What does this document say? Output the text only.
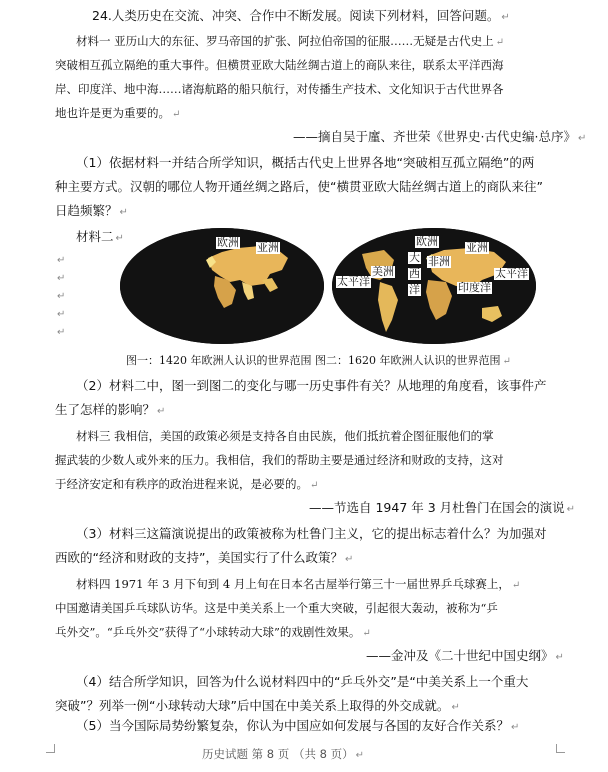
24.人类历史在交流、冲突、合作中不断发展。阅读下列材料，回答问题。 ↵
材料一 亚历山大的东征、罗马帝国的扩张、阿拉伯帝国的征服……无疑是古代史上 ↵
突破相互孤立隔绝的重大事件。但横贯亚欧大陆丝绸古道上的商队来往，联系太平洋西海
岸、印度洋、地中海……诸海航路的船只航行，对传播生产技术、文化知识于古代世界各
地也许是更为重要的。 ↵
——摘自吴于廑、齐世荣《世界史·古代史编·总序》 ↵
（1）依据材料一并结合所学知识，概括古代史上世界各地“突破相互孤立隔绝”的两
种主要方式。汉朝的哪位人物开通丝绸之路后，使“横贯亚欧大陆丝绸古道上的商队来往”
日趋频繁？ ↵
材料二 ↵
↵
↵
↵
↵
↵
欧洲 亚洲	欧洲	亚洲
美洲
大
西
洋
非洲
太平洋
太平洋
印度洋
图一：1420 年欧洲人认识的世界范围 图二：1620 年欧洲人认识的世界范围 ↵
（2）材料二中，图一到图二的变化与哪一历史事件有关？从地理的角度看，该事件产
生了怎样的影响？ ↵
材料三 我相信，美国的政策必须是支持各自由民族，他们抵抗着企图征服他们的掌
握武装的少数人或外来的压力。我相信，我们的帮助主要是通过经济和财政的支持，这对
于经济安定和有秩序的政治进程来说，是必要的。 ↵
——节选自 1947 年 3 月杜鲁门在国会的演说 ↵
（3）材料三这篇演说提出的政策被称为杜鲁门主义，它的提出标志着什么？为加强对
西欧的“经济和财政的支持”，美国实行了什么政策？ ↵
材料四 1971 年 3 月下旬到 4 月上旬在日本名古屋举行第三十一届世界乒乓球赛上， ↵
中国邀请美国乒乓球队访华。这是中美关系上一个重大突破，引起很大轰动，被称为“乒
乓外交”。“乒乓外交”获得了“小球转动大球”的戏剧性效果。 ↵
——金冲及《二十世纪中国史纲》 ↵
（4）结合所学知识，回答为什么说材料四中的“乒乓外交”是“中美关系上一个重大
突破”？列举一例“小球转动大球”后中国在中美关系上取得的外交成就。 ↵
（5）当今国际局势纷繁复杂，你认为中国应如何发展与各国的友好合作关系？ ↵
历史试题 第 8 页 （共 8 页） ↵
